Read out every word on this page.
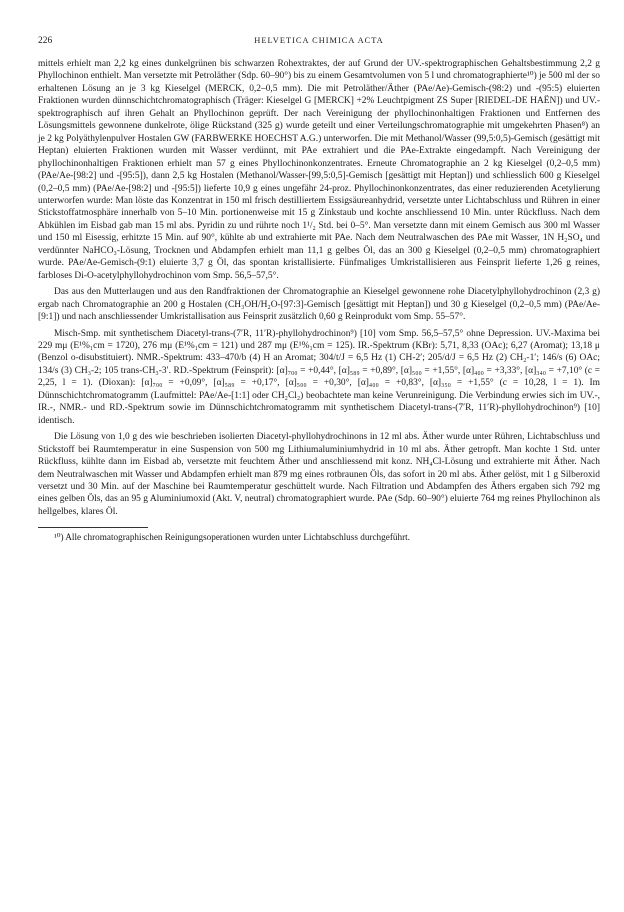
226	HELVETICA CHIMICA ACTA

mittels erhielt man 2,2 kg eines dunkelgrünen bis schwarzen Rohextraktes, der auf Grund der UV.-spektrographischen Gehaltsbestimmung 2,2 g Phyllochinon enthielt. Man versetzte mit Petroläther (Sdp. 60–90°) bis zu einem Gesamtvolumen von 5 l und chromatographierte¹⁰) je 500 ml der so erhaltenen Lösung an je 3 kg Kieselgel (MERCK, 0,2–0,5 mm). Die mit Petroläther/Äther (PAe/Ae)-Gemisch-(98:2) und -(95:5) eluierten Fraktionen wurden dünnschichtchromatographisch (Träger: Kieselgel G [MERCK] +2% Leuchtpigment ZS Super [RIEDEL-DE HAËN]) und UV.-spektrographisch auf ihren Gehalt an Phyllochinon geprüft. Der nach Vereinigung der phyllochinonhaltigen Fraktionen und Entfernen des Lösungsmittels gewonnene dunkelrote, ölige Rückstand (325 g) wurde geteilt und einer Verteilungschromatographie mit umgekehrten Phasen⁸) an je 2 kg Polyäthylenpulver Hostalen GW (FARBWERKE HOECHST A.G.) unterworfen. Die mit Methanol/Wasser (99,5:0,5)-Gemisch (gesättigt mit Heptan) eluierten Fraktionen wurden mit Wasser verdünnt, mit PAe extrahiert und die PAe-Extrakte eingedampft. Nach Vereinigung der phyllochinonhaltigen Fraktionen erhielt man 57 g eines Phyllochinonkonzentrates. Erneute Chromatographie an 2 kg Kieselgel (0,2–0,5 mm) (PAe/Ae-[98:2] und -[95:5]), dann 2,5 kg Hostalen (Methanol/Wasser-[99,5:0,5]-Gemisch [gesättigt mit Heptan]) und schliesslich 600 g Kieselgel (0,2–0,5 mm) (PAe/Ae-[98:2] und -[95:5]) lieferte 10,9 g eines ungefähr 24-proz. Phyllochinonkonzentrates, das einer reduzierenden Acetylierung unterworfen wurde: Man löste das Konzentrat in 150 ml frisch destilliertem Essigsäureanhydrid, versetzte unter Lichtabschluss und Rühren in einer Stickstoffatmosphäre innerhalb von 5–10 Min. portionenweise mit 15 g Zinkstaub und kochte anschliessend 10 Min. unter Rückfluss. Nach dem Abkühlen im Eisbad gab man 15 ml abs. Pyridin zu und rührte noch 1¹/₂ Std. bei 0–5°. Man versetzte dann mit einem Gemisch aus 300 ml Wasser und 150 ml Eisessig, erhitzte 15 Min. auf 90°, kühlte ab und extrahierte mit PAe. Nach dem Neutralwaschen des PAe mit Wasser, 1N H₂SO₄ und verdünnter NaHCO₃-Lösung, Trocknen und Abdampfen erhielt man 11,1 g gelbes Öl, das an 300 g Kieselgel (0,2–0,5 mm) chromatographiert wurde. PAe/Ae-Gemisch-(9:1) eluierte 3,7 g Öl, das spontan kristallisierte. Fünfmaliges Umkristallisieren aus Feinsprit lieferte 1,26 g reines, farbloses Di-O-acetylphyllohydrochinon vom Smp. 56,5–57,5°.

Das aus den Mutterlaugen und aus den Randfraktionen der Chromatographie an Kieselgel gewonnene rohe Diacetylphyllohydrochinon (2,3 g) ergab nach Chromatographie an 200 g Hostalen (CH₃OH/H₂O-[97:3]-Gemisch [gesättigt mit Heptan]) und 30 g Kieselgel (0,2–0,5 mm) (PAe/Ae-[9:1]) und nach anschliessender Umkristallisation aus Feinsprit zusätzlich 0,60 g Reinprodukt vom Smp. 55–57°.

Misch-Smp. mit synthetischem Diacetyl-trans-(7′R, 11′R)-phyllohydrochinon⁹) [10] vom Smp. 56,5–57,5° ohne Depression. UV.-Maxima bei 229 mμ (E¹%₁cm = 1720), 276 mμ (E¹%₁cm = 121) und 287 mμ (E¹%₁cm = 125). IR.-Spektrum (KBr): 5,71, 8,33 (OAc); 6,27 (Aromat); 13,18 μ (Benzol o-disubstituiert). NMR.-Spektrum: 433–470/b (4) H an Aromat; 304/t/J = 6,5 Hz (1) CH-2′; 205/d/J = 6,5 Hz (2) CH₂-1′; 146/s (6) OAc; 134/s (3) CH₃-2; 105 trans-CH₃-3′. RD.-Spektrum (Feinsprit): [α]₇₀₀ = +0,44°, [α]₅₈₉ = +0,89°, [α]₅₀₀ = +1,55°, [α]₄₀₀ = +3,33°, [α]₃₄₀ = +7,10° (c = 2,25, l = 1). (Dioxan): [α]₇₀₀ = +0,09°, [α]₅₈₉ = +0,17°, [α]₅₀₀ = +0,30°, [α]₄₀₀ = +0,83°, [α]₃₅₀ = +1,55° (c = 10,28, l = 1). Im Dünnschichtchromatogramm (Laufmittel: PAe/Ae-[1:1] oder CH₂Cl₂) beobachtete man keine Verunreinigung. Die Verbindung erwies sich im UV.-, IR.-, NMR.- und RD.-Spektrum sowie im Dünnschichtchromatogramm mit synthetischem Diacetyl-trans-(7′R, 11′R)-phyllohydrochinon⁹) [10] identisch.

Die Lösung von 1,0 g des wie beschrieben isolierten Diacetyl-phyllohydrochinons in 12 ml abs. Äther wurde unter Rühren, Lichtabschluss und Stickstoff bei Raumtemperatur in eine Suspension von 500 mg Lithiumaluminiumhydrid in 10 ml abs. Äther getropft. Man kochte 1 Std. unter Rückfluss, kühlte dann im Eisbad ab, versetzte mit feuchtem Äther und anschliessend mit konz. NH₄Cl-Lösung und extrahierte mit Äther. Nach dem Neutralwaschen mit Wasser und Abdampfen erhielt man 879 mg eines rotbraunen Öls, das sofort in 20 ml abs. Äther gelöst, mit 1 g Silberoxid versetzt und 30 Min. auf der Maschine bei Raumtemperatur geschüttelt wurde. Nach Filtration und Abdampfen des Äthers ergaben sich 792 mg eines gelben Öls, das an 95 g Aluminiumoxid (Akt. V, neutral) chromatographiert wurde. PAe (Sdp. 60–90°) eluierte 764 mg reines Phyllochinon als hellgelbes, klares Öl.

¹⁰) Alle chromatographischen Reinigungsoperationen wurden unter Lichtabschluss durchgeführt.
